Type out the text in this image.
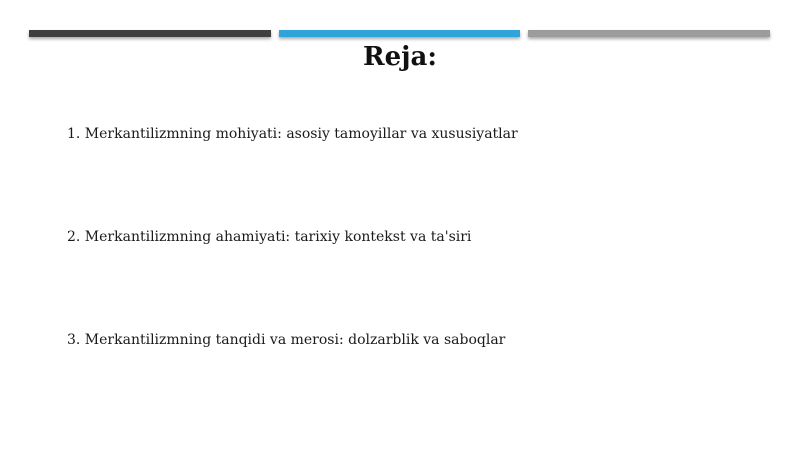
Reja:
1. Merkantilizmning mohiyati: asosiy tamoyillar va xususiyatlar
2. Merkantilizmning ahamiyati: tarixiy kontekst va ta'siri
3. Merkantilizmning tanqidi va merosi: dolzarblik va saboqlar
